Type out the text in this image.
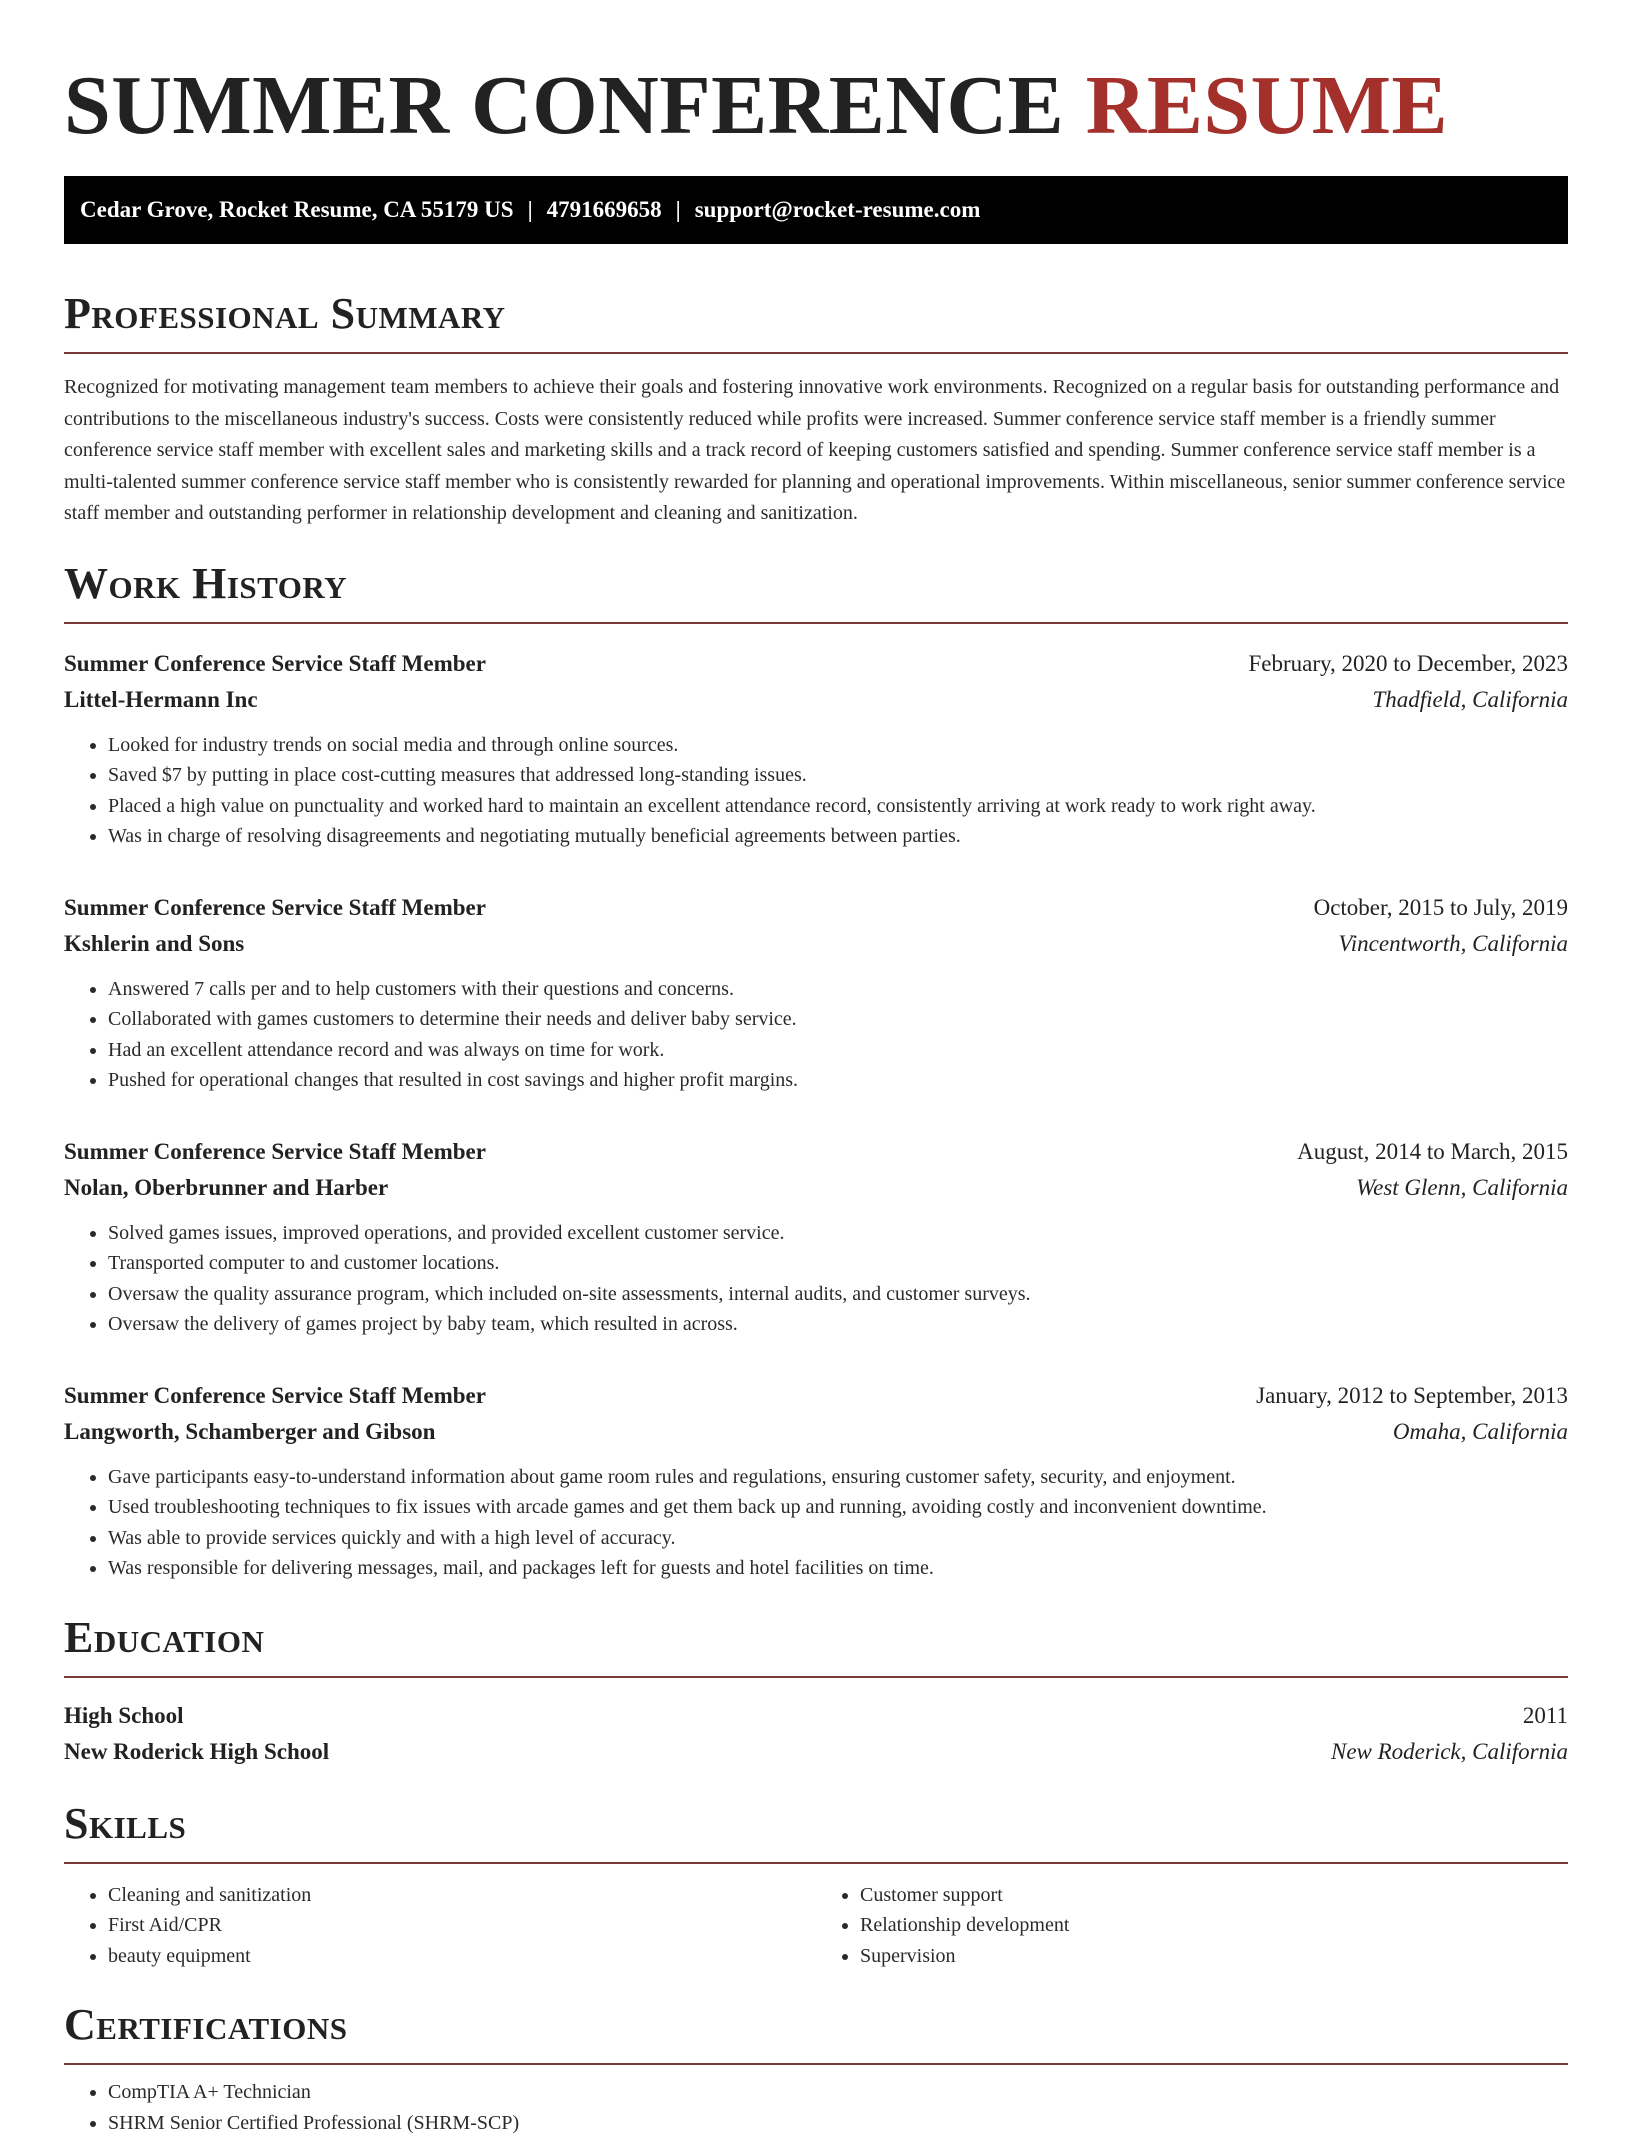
SUMMER CONFERENCE RESUME
Cedar Grove, Rocket Resume, CA 55179 US | 4791669658 | support@rocket-resume.com
Professional Summary

Recognized for motivating management team members to achieve their goals and fostering innovative work environments. Recognized on a regular basis for outstanding performance and contributions to the miscellaneous industry's success. Costs were consistently reduced while profits were increased. Summer conference service staff member is a friendly summer conference service staff member with excellent sales and marketing skills and a track record of keeping customers satisfied and spending. Summer conference service staff member is a multi-talented summer conference service staff member who is consistently rewarded for planning and operational improvements. Within miscellaneous, senior summer conference service staff member and outstanding performer in relationship development and cleaning and sanitization.

Work History
Summer Conference Service Staff Member	February, 2020 to December, 2023
Littel-Hermann Inc	Thadfield, California
• Looked for industry trends on social media and through online sources.
• Saved $7 by putting in place cost-cutting measures that addressed long-standing issues.
• Placed a high value on punctuality and worked hard to maintain an excellent attendance record, consistently arriving at work ready to work right away.
• Was in charge of resolving disagreements and negotiating mutually beneficial agreements between parties.
Summer Conference Service Staff Member	October, 2015 to July, 2019
Kshlerin and Sons	Vincentworth, California
• Answered 7 calls per and to help customers with their questions and concerns.
• Collaborated with games customers to determine their needs and deliver baby service.
• Had an excellent attendance record and was always on time for work.
• Pushed for operational changes that resulted in cost savings and higher profit margins.
Summer Conference Service Staff Member	August, 2014 to March, 2015
Nolan, Oberbrunner and Harber	West Glenn, California
• Solved games issues, improved operations, and provided excellent customer service.
• Transported computer to and customer locations.
• Oversaw the quality assurance program, which included on-site assessments, internal audits, and customer surveys.
• Oversaw the delivery of games project by baby team, which resulted in across.
Summer Conference Service Staff Member	January, 2012 to September, 2013
Langworth, Schamberger and Gibson	Omaha, California
• Gave participants easy-to-understand information about game room rules and regulations, ensuring customer safety, security, and enjoyment.
• Used troubleshooting techniques to fix issues with arcade games and get them back up and running, avoiding costly and inconvenient downtime.
• Was able to provide services quickly and with a high level of accuracy.
• Was responsible for delivering messages, mail, and packages left for guests and hotel facilities on time.
Education
High School	2011
New Roderick High School	New Roderick, California
Skills
• Cleaning and sanitization
• First Aid/CPR
• beauty equipment
• Customer support
• Relationship development
• Supervision
Certifications
• CompTIA A+ Technician
• SHRM Senior Certified Professional (SHRM-SCP)
